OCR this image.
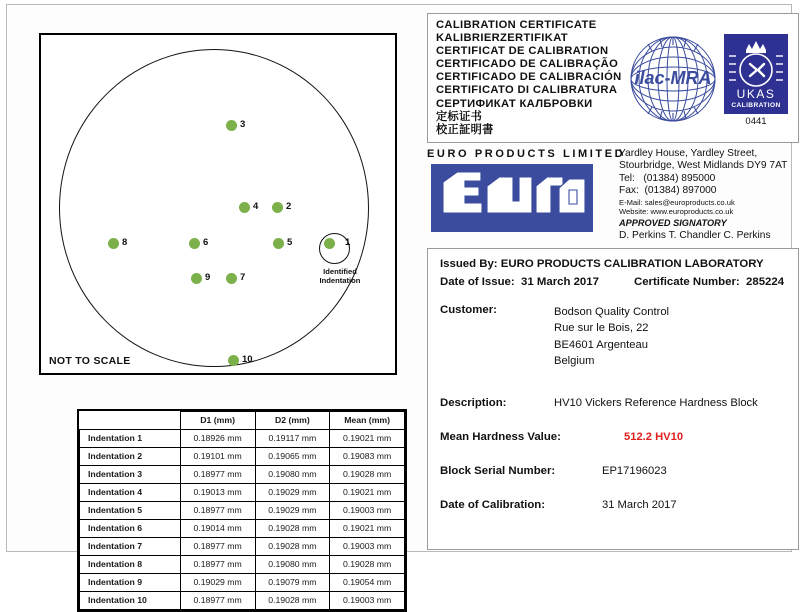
Identified
Indentation
1
2
3
4
5
6
7
8
9
10
NOT TO SCALE
	D1 (mm)	D2 (mm)	Mean (mm)
Indentation 1	0.18926 mm	0.19117 mm	0.19021 mm
Indentation 2	0.19101 mm	0.19065 mm	0.19083 mm
Indentation 3	0.18977 mm	0.19080 mm	0.19028 mm
Indentation 4	0.19013 mm	0.19029 mm	0.19021 mm
Indentation 5	0.18977 mm	0.19029 mm	0.19003 mm
Indentation 6	0.19014 mm	0.19028 mm	0.19021 mm
Indentation 7	0.18977 mm	0.19028 mm	0.19003 mm
Indentation 8	0.18977 mm	0.19080 mm	0.19028 mm
Indentation 9	0.19029 mm	0.19079 mm	0.19054 mm
Indentation 10	0.18977 mm	0.19028 mm	0.19003 mm
CALIBRATION CERTIFICATE
KALIBRIERZERTIFIKAT
CERTIFICAT DE CALIBRATION
CERTIFICADO DE CALIBRAÇÃO
CERTIFICADO DE CALIBRACIÓN
CERTIFICATO DI CALIBRATURA
СЕРТИФИКАТ КАЛБРОВКИ
定标证书
校正証明書
ilac-MRA
UKAS
CALIBRATION
0441
EURO PRODUCTS LIMITED
Yardley House, Yardley Street,
Stourbridge, West Midlands DY9 7AT
Tel: (01384) 895000
Fax: (01384) 897000
E-Mail: sales@europroducts.co.uk
Website: www.europroducts.co.uk
APPROVED SIGNATORY
D. Perkins T. Chandler C. Perkins
Issued By: EURO PRODUCTS CALIBRATION LABORATORY
Date of Issue: 31 March 2017	Certificate Number: 285224
Customer:	Bodson Quality Control
Rue sur le Bois, 22
BE4601 Argenteau
Belgium
Description:	HV10 Vickers Reference Hardness Block
Mean Hardness Value:	512.2 HV10
Block Serial Number:	EP17196023
Date of Calibration:	31 March 2017
